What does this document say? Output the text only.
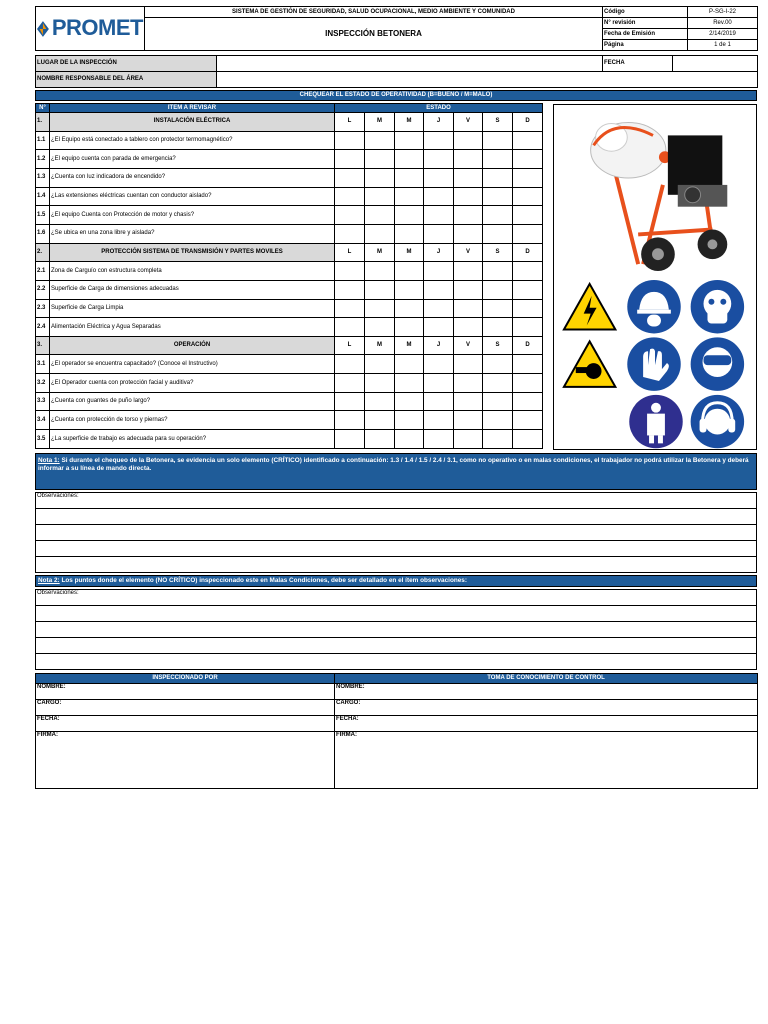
PROMET	SISTEMA DE GESTIÓN DE SEGURIDAD, SALUD OCUPACIONAL, MEDIO AMBIENTE Y COMUNIDAD	Código	P-SG-I-22
	INSPECCIÓN BETONERA	N° revisión	Rev.00
		Fecha de Emisión	2/14/2019
		Página	1 de 1
LUGAR DE LA INSPECCIÓN		FECHA	
NOMBRE RESPONSABLE DEL ÁREA			
CHEQUEAR EL ESTADO DE OPERATIVIDAD (B=BUENO / M=MALO)
N°	ITEM A REVISAR	ESTADO						
1.	INSTALACIÓN ELÉCTRICA	L	M	M	J	V	S	D
1.1	¿El Equipo está conectado a tablero con protector termomagnético?							
1.2	¿El equipo cuenta con parada de emergencia?							
1.3	¿Cuenta con luz indicadora de encendido?							
1.4	¿Las extensiones eléctricas cuentan con conductor aislado?							
1.5	¿El equipo Cuenta con Protección de motor y chasis?							
1.6	¿Se ubica en una zona libre y aislada?							
2.	PROTECCIÓN SISTEMA DE TRANSMISIÓN Y PARTES MOVILES	L	M	M	J	V	S	D
2.1	Zona de Carguío con estructura completa							
2.2	Superficie de Carga de dimensiones adecuadas							
2.3	Superficie de Carga Limpia							
2.4	Alimentación Eléctrica y Agua Separadas							
3.	OPERACIÓN	L	M	M	J	V	S	D
3.1	¿El operador se encuentra capacitado? (Conoce el Instructivo)							
3.2	¿El Operador cuenta con protección facial y auditiva?							
3.3	¿Cuenta con guantes de puño largo?							
3.4	¿Cuenta con protección de torso y piernas?							
3.5	¿La superficie de trabajo es adecuada para su operación?							
Nota 1: Si durante el chequeo de la Betonera, se evidencia un solo elemento (CRÍTICO) identificado a continuación: 1.3 / 1.4 / 1.5 / 2.4 / 3.1, como no operativo o en malas condiciones, el trabajador no podrá utilizar la Betonera y deberá informar a su línea de mando directa.
Observaciones:

Nota 2: Los puntos donde el elemento (NO CRÍTICO) inspeccionado este en Malas Condiciones, debe ser detallado en el ítem observaciones:
Observaciones:

INSPECCIONADO POR	TOMA DE CONOCIMIENTO DE CONTROL
NOMBRE:	NOMBRE:
CARGO:	CARGO:
FECHA:	FECHA:
FIRMA:	FIRMA:
